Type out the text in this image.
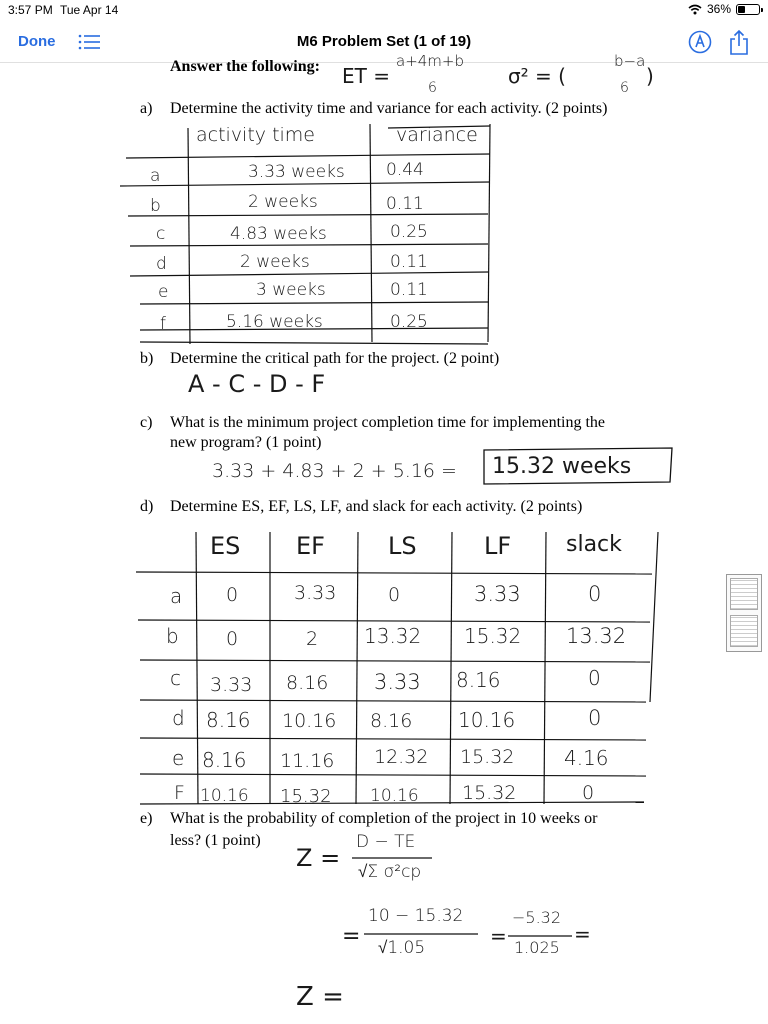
3:57 PM Tue Apr 14	36%
Done	M6 Problem Set (1 of 19)
Answer the following: ET =
a+4m+b
6	σ² = (
b−a
6 )
a) Determine the activity time and variance for each activity. (2 points)
activity time	variance
a	3.33 weeks 0.44
b	2 weeks	0.11
c	4.83 weeks	0.25
d	2 weeks	0.11
e	3 weeks	0.11
f	5.16 weeks	0.25
b) Determine the critical path for the project. (2 point)
A - C - D - F
c) What is the minimum project completion time for implementing the
new program? (1 point)
3.33 + 4.83 + 2 + 5.16 = 15.32 weeks
d) Determine ES, EF, LS, LF, and slack for each activity. (2 points)
ES EF	LS	LF slack
a 0	3.33	0	3.33	0
b 0	2 13.32 15.32 13.32
c 3.33 8.16 3.33 8.16	0
d 8.16 10.16 8.16 10.16	0
e 8.16 11.16 12.32 15.32 4.16
F 10.16 15.32 10.16 15.32	0
e) What is the probability of completion of the project in 10 weeks or
less? (1 point)
Z =
D − TE
√Σ σ²cp
=
10 − 15.32
√1.05	=
−5.32
1.025
=
Z =
